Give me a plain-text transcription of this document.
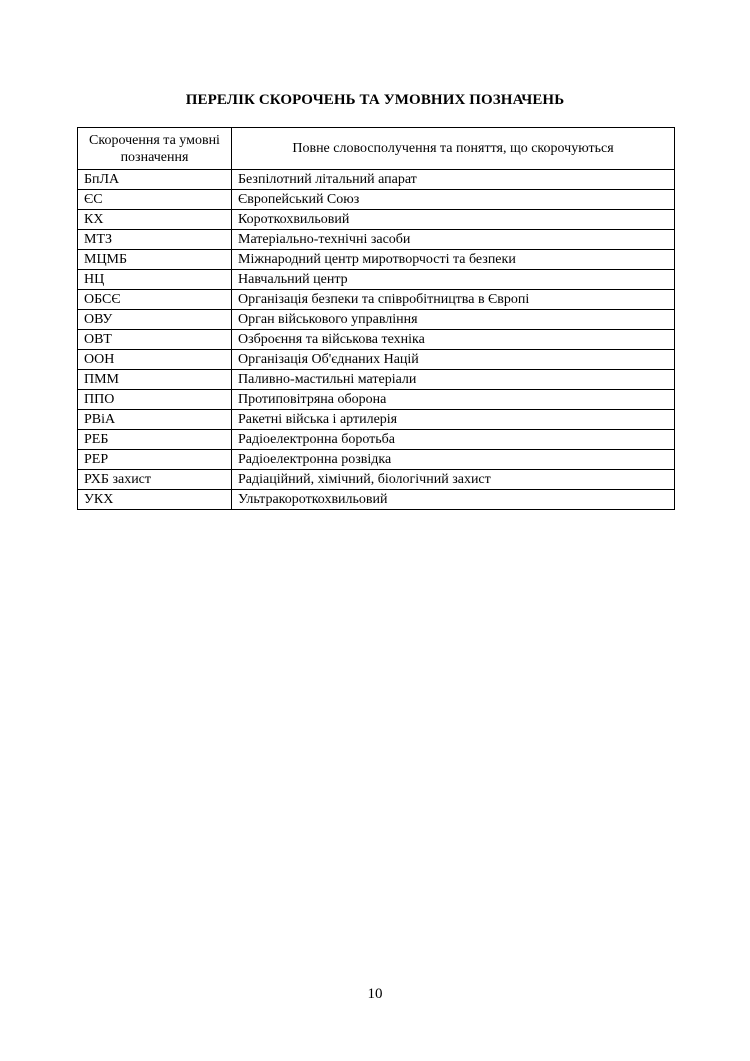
ПЕРЕЛІК СКОРОЧЕНЬ ТА УМОВНИХ ПОЗНАЧЕНЬ
Скорочення та умовні позначення	Повне словосполучення та поняття, що скорочуються
БпЛА	Безпілотний літальний апарат
ЄС	Європейський Союз
КХ	Короткохвильовий
МТЗ	Матеріально-технічні засоби
МЦМБ	Міжнародний центр миротворчості та безпеки
НЦ	Навчальний центр
ОБСЄ	Організація безпеки та співробітництва в Європі
ОВУ	Орган військового управління
ОВТ	Озброєння та військова техніка
ООН	Організація Об'єднаних Націй
ПММ	Паливно-мастильні матеріали
ППО	Протиповітряна оборона
РВіА	Ракетні війська і артилерія
РЕБ	Радіоелектронна боротьба
РЕР	Радіоелектронна розвідка
РХБ захист	Радіаційний, хімічний, біологічний захист
УКХ	Ультракороткохвильовий
10
